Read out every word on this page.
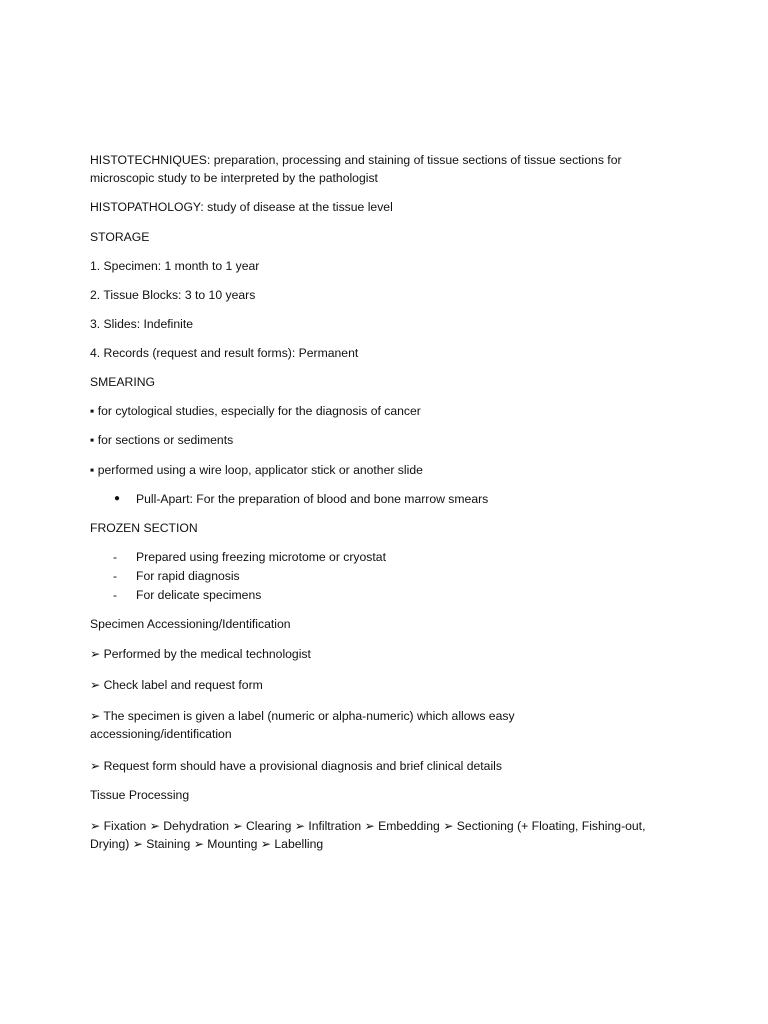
HISTOTECHNIQUES: preparation, processing and staining of tissue sections of tissue sections for microscopic study to be interpreted by the pathologist

HISTOPATHOLOGY: study of disease at the tissue level
STORAGE
1. Specimen: 1 month to 1 year
2. Tissue Blocks: 3 to 10 years
3. Slides: Indefinite
4. Records (request and result forms): Permanent
SMEARING
▪ for cytological studies, especially for the diagnosis of cancer
▪ for sections or sediments
▪ performed using a wire loop, applicator stick or another slide
● Pull-Apart: For the preparation of blood and bone marrow smears
FROZEN SECTION
- Prepared using freezing microtome or cryostat
- For rapid diagnosis
- For delicate specimens
Specimen Accessioning/Identification
➢ Performed by the medical technologist
➢ Check label and request form

➢ The specimen is given a label (numeric or alpha-numeric) which allows easy accessioning/identification

➢ Request form should have a provisional diagnosis and brief clinical details
Tissue Processing

➢ Fixation ➢ Dehydration ➢ Clearing ➢ Infiltration ➢ Embedding ➢ Sectioning (+ Floating, Fishing-out, Drying) ➢ Staining ➢ Mounting ➢ Labelling
